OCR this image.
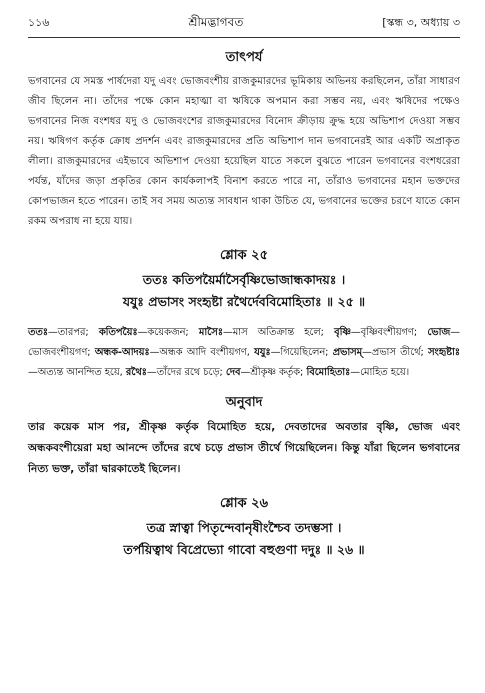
১১৬	শ্রীমদ্ভাগবত	[স্কন্ধ ৩, অধ্যায় ৩
তাৎপর্য
ভগবানের যে সমস্ত পার্ষদেরা যদু এবং ভোজবংশীয় রাজকুমারদের ভূমিকায় অভিনয় করছিলেন, তাঁরা সাধারণ জীব ছিলেন না। তাঁদের পক্ষে কোন মহাত্মা বা ঋষিকে অপমান করা সম্ভব নয়, এবং ঋষিদের পক্ষেও ভগবানের নিজ বংশধর যদু ও ভোজবংশের রাজকুমারদের বিনোদ ক্রীড়ায় ক্রুদ্ধ হয়ে অভিশাপ দেওয়া সম্ভব নয়। ঋষিগণ কর্তৃক ক্রোধ প্রদর্শন এবং রাজকুমারদের প্রতি অভিশাপ দান ভগবানেরই আর একটি অপ্রাকৃত লীলা। রাজকুমারদের এইভাবে অভিশাপ দেওয়া হয়েছিল যাতে সকলে বুঝতে পারেন ভগবানের বংশধরেরা পর্যন্ত, যাঁদের জড়া প্রকৃতির কোন কার্যকলাপই বিনাশ করতে পারে না, তাঁরাও ভগবানের মহান ভক্তদের কোপভাজন হতে পারেন। তাই সব সময় অত্যন্ত সাবধান থাকা উচিত যে, ভগবানের ভক্তের চরণে যাতে কোন রকম অপরাধ না হয়ে যায়।
শ্লোক ২৫
ততঃ কতিপয়ৈর্মাসৈর্বৃষ্ণিভোজান্ধকাদয়ঃ ।
যযুঃ প্রভাসং সংহৃষ্টা রথৈর্দেববিমোহিতাঃ ॥ ২৫ ॥
ততঃ—তারপর; কতিপয়ৈঃ—কয়েকজন; মাসৈঃ—মাস অতিক্রান্ত হলে; বৃষ্ণি—বৃষ্ণিবংশীয়গণ; ভোজ—ভোজবংশীয়গণ; অন্ধক-আদয়ঃ—অন্ধক আদি বংশীয়গণ, যযুঃ—গিয়েছিলেন; প্রভাসম্—প্রভাস তীর্থে; সংহৃষ্টাঃ—অত্যন্ত আনন্দিত হয়ে, রথৈঃ—তাঁদের রথে চড়ে; দেব—শ্রীকৃষ্ণ কর্তৃক; বিমোহিতাঃ—মোহিত হয়ে।
অনুবাদ
তার কয়েক মাস পর, শ্রীকৃষ্ণ কর্তৃক বিমোহিত হয়ে, দেবতাদের অবতার বৃষ্ণি, ভোজ এবং অন্ধকবংশীয়েরা মহা আনন্দে তাঁদের রথে চড়ে প্রভাস তীর্থে গিয়েছিলেন। কিন্তু যাঁরা ছিলেন ভগবানের নিত্য ভক্ত, তাঁরা দ্বারকাতেই ছিলেন।
শ্লোক ২৬
তত্র স্নাত্বা পিতৃন্দেবানৃষীংশ্চৈব তদম্ভসা ।
তর্পয়িত্বাথ বিপ্রেভ্যো গাবো বহুগুণা দদুঃ ॥ ২৬ ॥
